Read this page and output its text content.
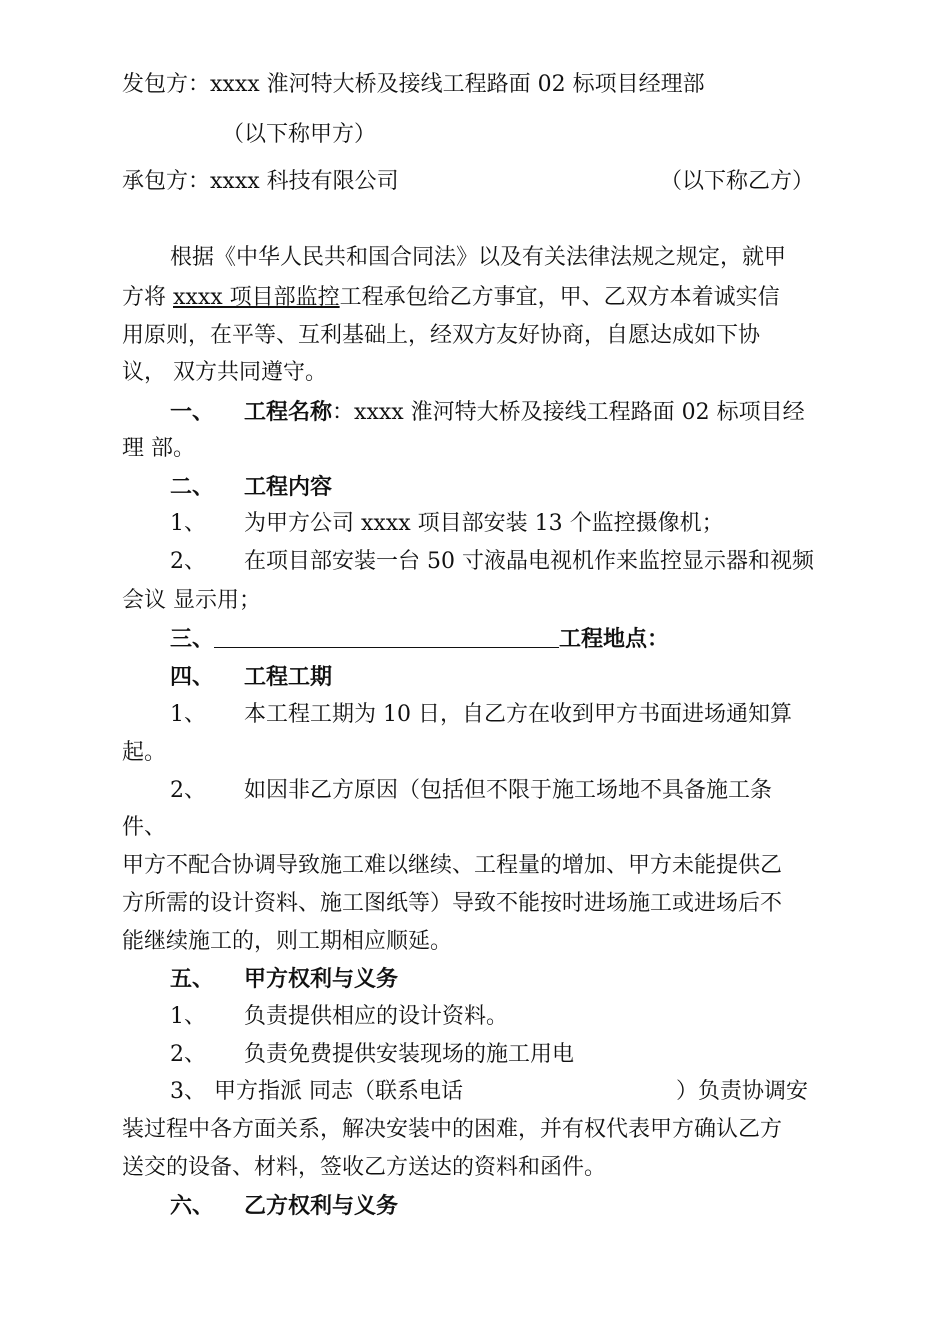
发包方：xxxx 淮河特大桥及接线工程路面 02 标项目经理部
（以下称甲方）
承包方：xxxx 科技有限公司	（以下称乙方）
根据《中华人民共和国合同法》以及有关法律法规之规定，就甲
方将 xxxx 项目部监控工程承包给乙方事宜，甲、乙双方本着诚实信
用原则，在平等、互利基础上，经双方友好协商，自愿达成如下协
议， 双方共同遵守。
一、 工程名称：xxxx 淮河特大桥及接线工程路面 02 标项目经
理 部。
二、 工程内容
1、 为甲方公司 xxxx 项目部安装 13 个监控摄像机；
2、 在项目部安装一台 50 寸液晶电视机作来监控显示器和视频
会议 显示用；
三、	工程地点：
四、 工程工期
1、 本工程工期为 10 日，自乙方在收到甲方书面进场通知算
起。
2、 如因非乙方原因（包括但不限于施工场地不具备施工条
件、
甲方不配合协调导致施工难以继续、工程量的增加、甲方未能提供乙
方所需的设计资料、施工图纸等）导致不能按时进场施工或进场后不
能继续施工的，则工期相应顺延。
五、 甲方权利与义务
1、 负责提供相应的设计资料。
2、 负责免费提供安装现场的施工用电
3、 甲方指派 同志（联系电话	）负责协调安
装过程中各方面关系，解决安装中的困难，并有权代表甲方确认乙方
送交的设备、材料，签收乙方送达的资料和函件。
六、 乙方权利与义务
